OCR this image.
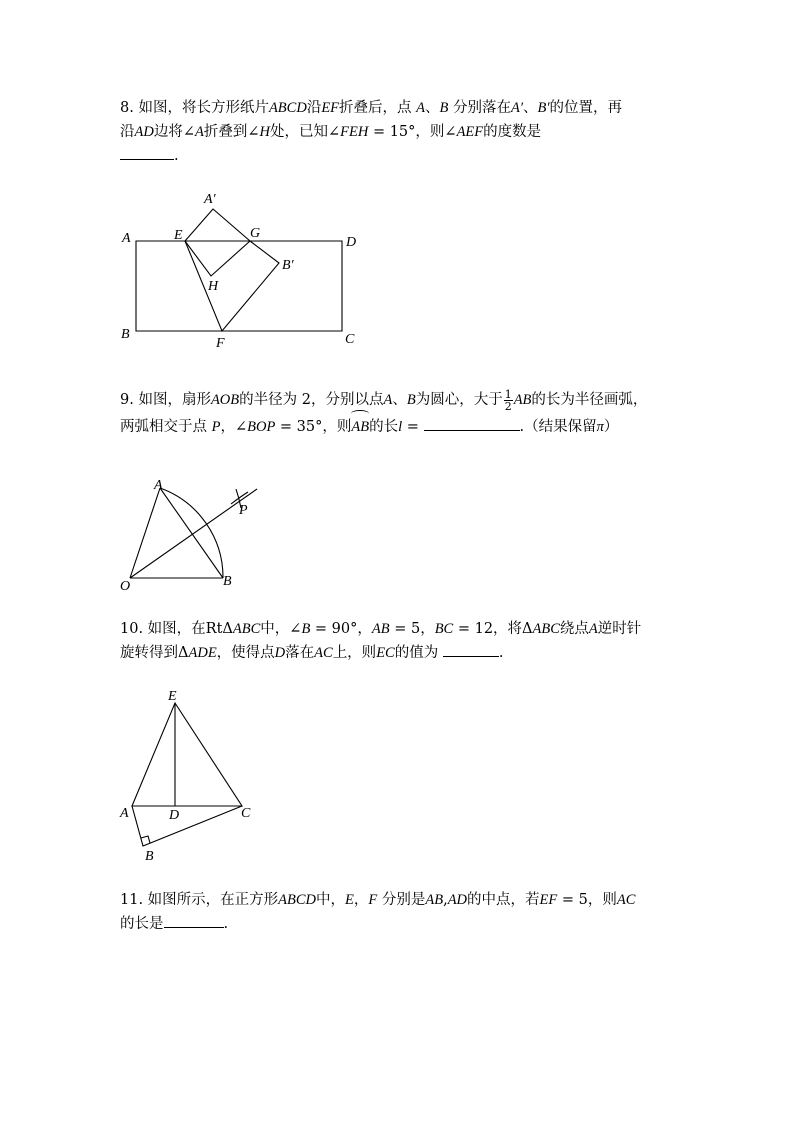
8. 如图，将长方形纸片ABCD沿EF折叠后，点 A、B 分别落在A′、B′的位置，再

沿AD边将∠A折叠到∠H处，已知∠FEH = 15°，则∠AEF的度数是

.

A
A′
E	G
D
B′
H
B
F	C

9. 如图，扇形AOB的半径为 2，分别以点A、B为圆心，大于 $\frac{1}{2}$ AB的长为半径画弧，

两弧相交于点 P，∠BOP = 35°，则AB的长l =	.（结果保留π）

A
P
O	B

10. 如图，在RtΔABC中，∠B = 90°，AB = 5，BC = 12，将ΔABC绕点A逆时针

旋转得到ΔADE，使得点D落在AC上，则EC的值为	.

E
A	D	C
B

11. 如图所示，在正方形ABCD中，E，F 分别是AB,AD的中点，若EF = 5，则AC

的长是	.
